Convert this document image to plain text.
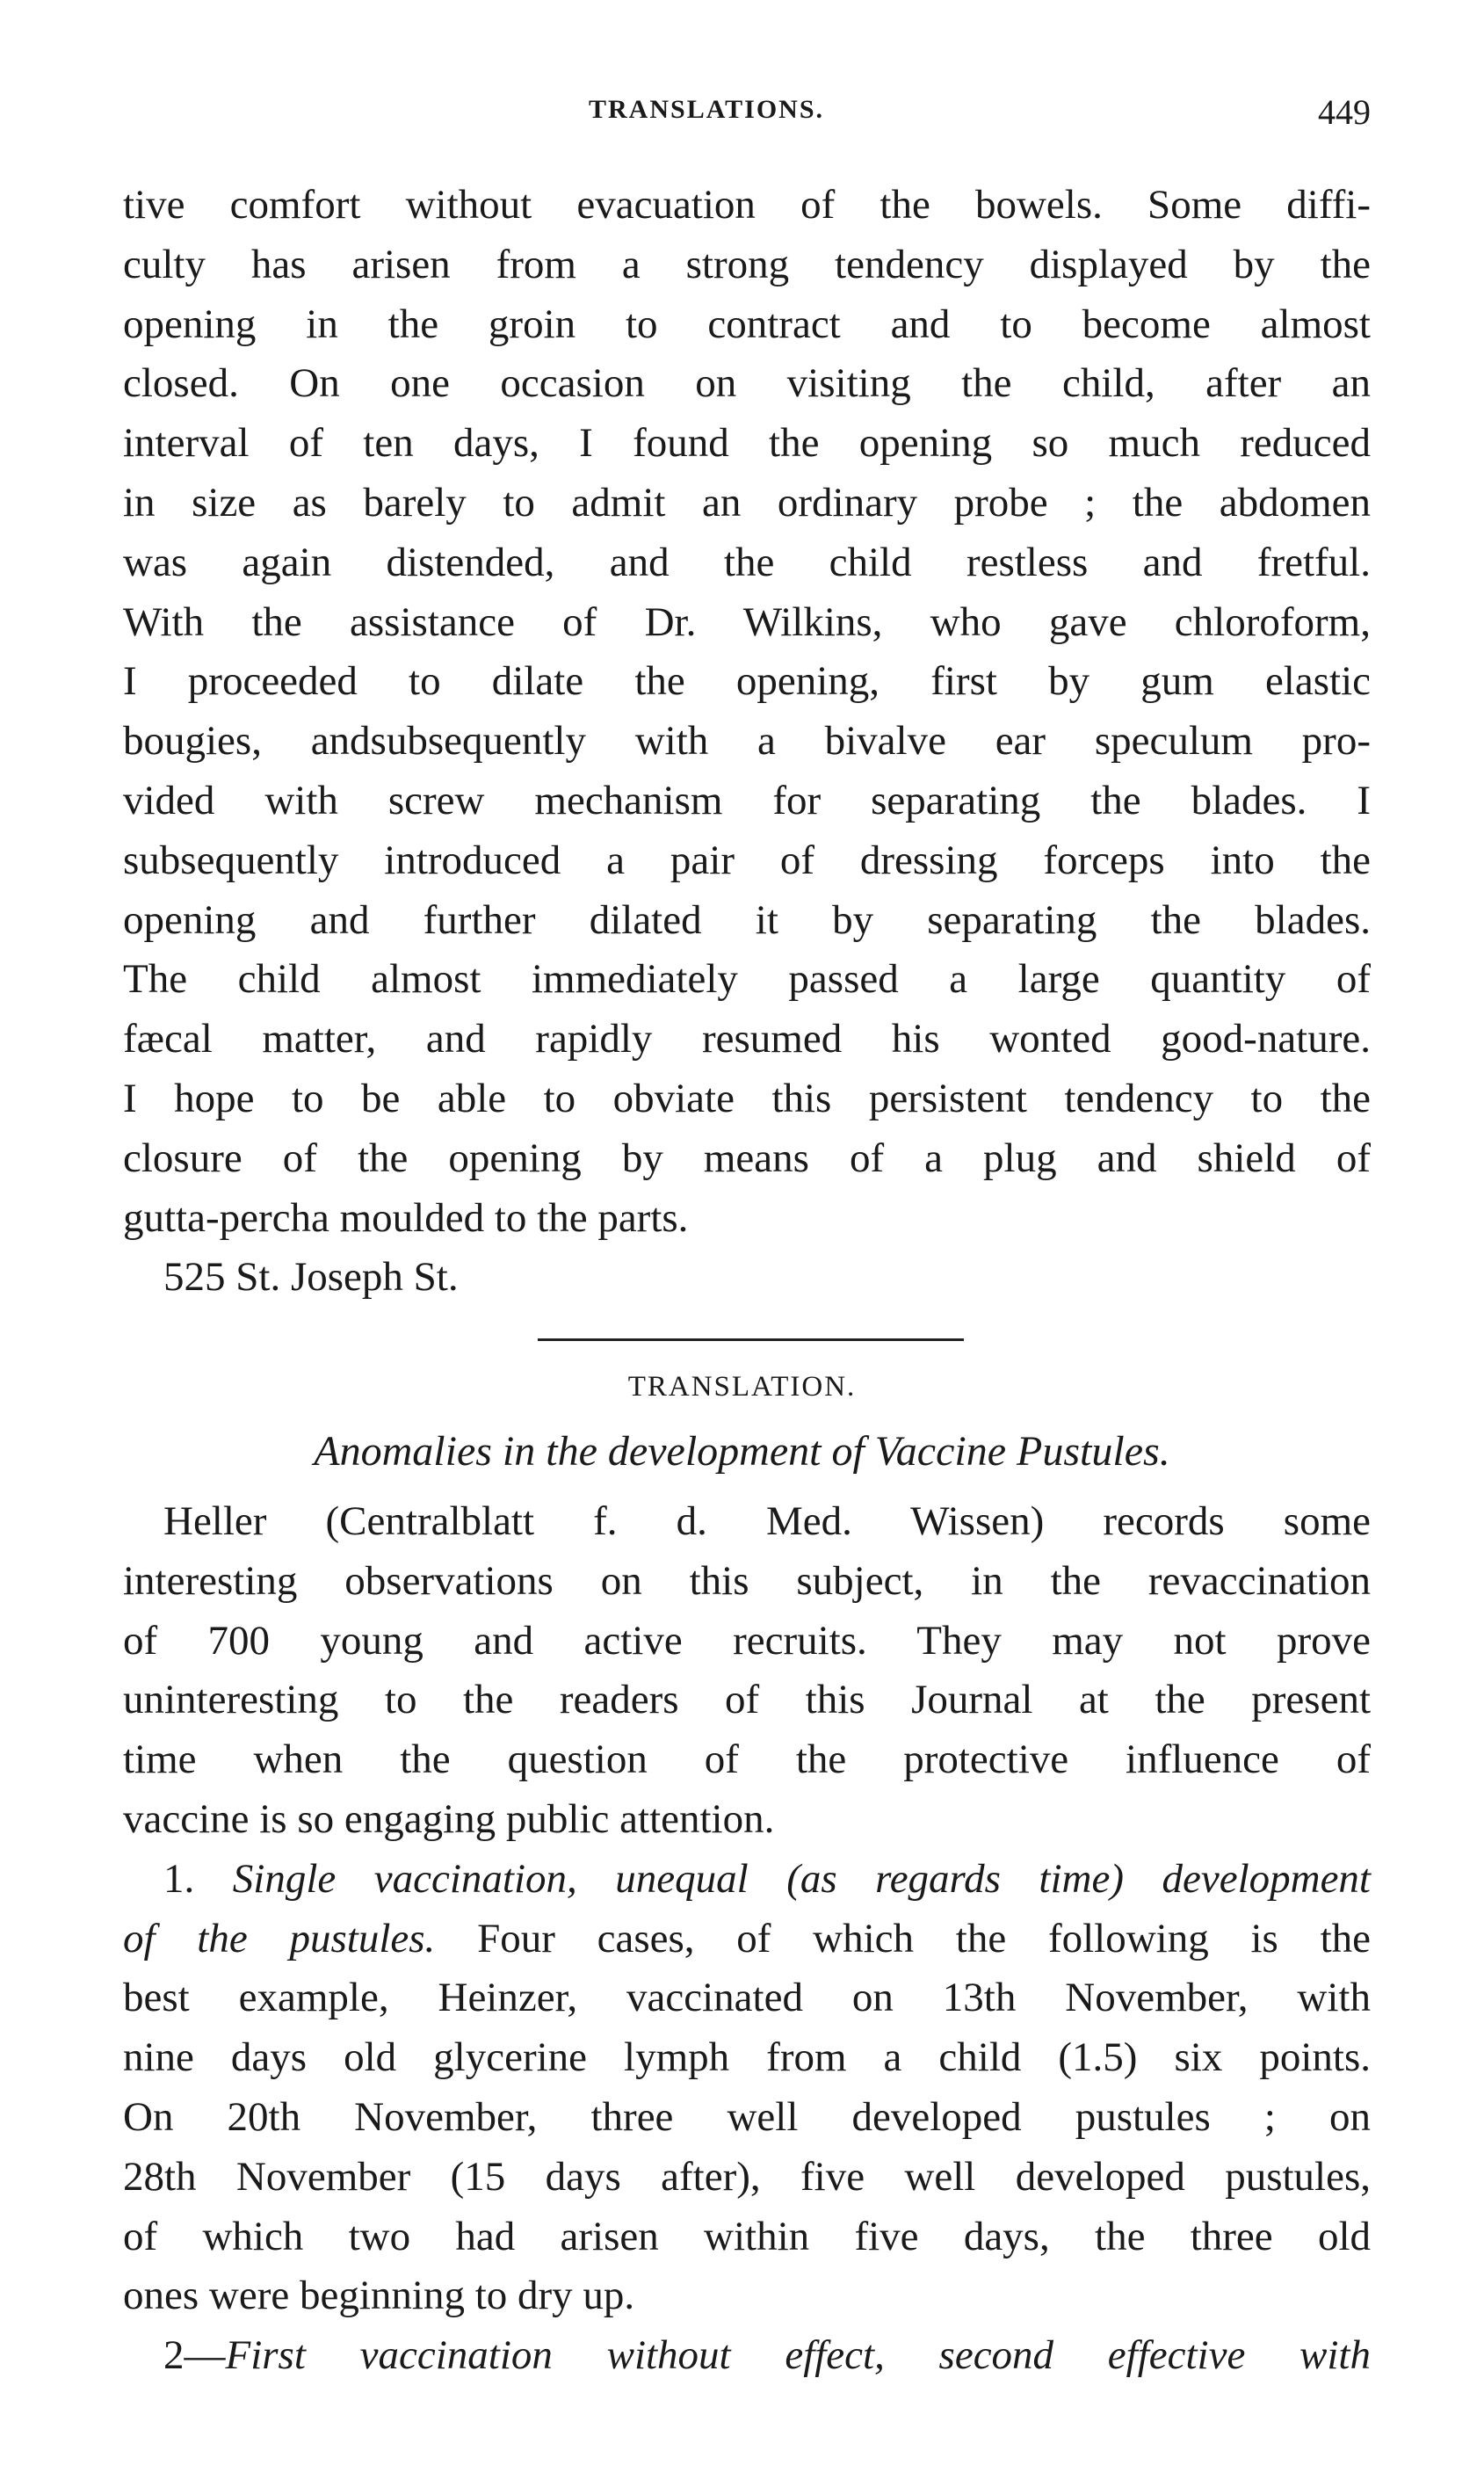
TRANSLATIONS.	449
tive comfort without evacuation of the bowels. Some diffi-
culty has arisen from a strong tendency displayed by the
opening in the groin to contract and to become almost
closed. On one occasion on visiting the child, after an
interval of ten days, I found the opening so much reduced
in size as barely to admit an ordinary probe ; the abdomen
was again distended, and the child restless and fretful.
With the assistance of Dr. Wilkins, who gave chloroform,
I proceeded to dilate the opening, first by gum elastic
bougies, andsubsequently with a bivalve ear speculum pro-
vided with screw mechanism for separating the blades. I
subsequently introduced a pair of dressing forceps into the
opening and further dilated it by separating the blades.
The child almost immediately passed a large quantity of
fæcal matter, and rapidly resumed his wonted good-nature.
I hope to be able to obviate this persistent tendency to the
closure of the opening by means of a plug and shield of
gutta-percha moulded to the parts.
525 St. Joseph St.
TRANSLATION.
Anomalies in the development of Vaccine Pustules.
Heller (Centralblatt f. d. Med. Wissen) records some
interesting observations on this subject, in the revaccination
of 700 young and active recruits. They may not prove
uninteresting to the readers of this Journal at the present
time when the question of the protective influence of
vaccine is so engaging public attention.
1. Single vaccination, unequal (as regards time) development
of the pustules. Four cases, of which the following is the
best example, Heinzer, vaccinated on 13th November, with
nine days old glycerine lymph from a child (1.5) six points.
On 20th November, three well developed pustules ; on
28th November (15 days after), five well developed pustules,
of which two had arisen within five days, the three old
ones were beginning to dry up.
2—First vaccination without effect, second effective with
